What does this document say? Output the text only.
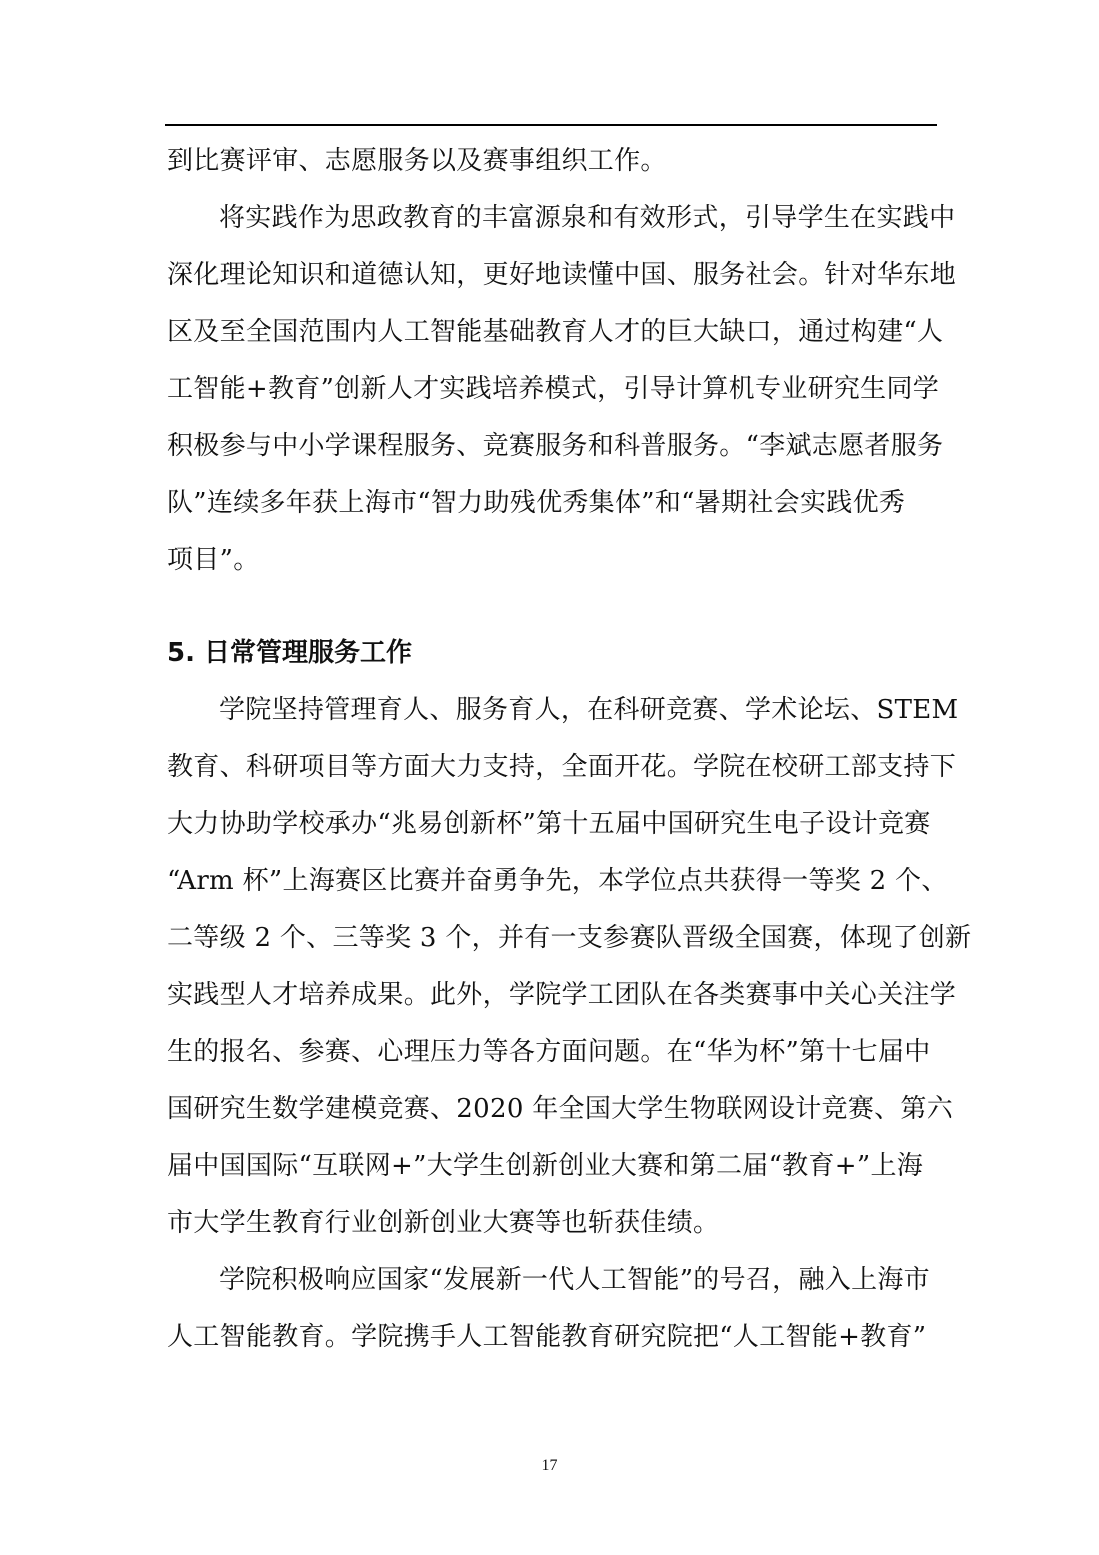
到比赛评审、志愿服务以及赛事组织工作。
将实践作为思政教育的丰富源泉和有效形式，引导学生在实践中
深化理论知识和道德认知，更好地读懂中国、服务社会。针对华东地
区及至全国范围内人工智能基础教育人才的巨大缺口，通过构建“人
工智能+教育”创新人才实践培养模式，引导计算机专业研究生同学
积极参与中小学课程服务、竞赛服务和科普服务。“李斌志愿者服务
队”连续多年获上海市“智力助残优秀集体”和“暑期社会实践优秀
项目”。
5. 日常管理服务工作
学院坚持管理育人、服务育人，在科研竞赛、学术论坛、STEM
教育、科研项目等方面大力支持，全面开花。学院在校研工部支持下
大力协助学校承办“兆易创新杯”第十五届中国研究生电子设计竞赛
“Arm 杯”上海赛区比赛并奋勇争先，本学位点共获得一等奖 2 个、
二等级 2 个、三等奖 3 个，并有一支参赛队晋级全国赛，体现了创新
实践型人才培养成果。此外，学院学工团队在各类赛事中关心关注学
生的报名、参赛、心理压力等各方面问题。在“华为杯”第十七届中
国研究生数学建模竞赛、2020 年全国大学生物联网设计竞赛、第六
届中国国际“互联网+”大学生创新创业大赛和第二届“教育+”上海
市大学生教育行业创新创业大赛等也斩获佳绩。
学院积极响应国家“发展新一代人工智能”的号召，融入上海市
人工智能教育。学院携手人工智能教育研究院把“人工智能+教育”
17
